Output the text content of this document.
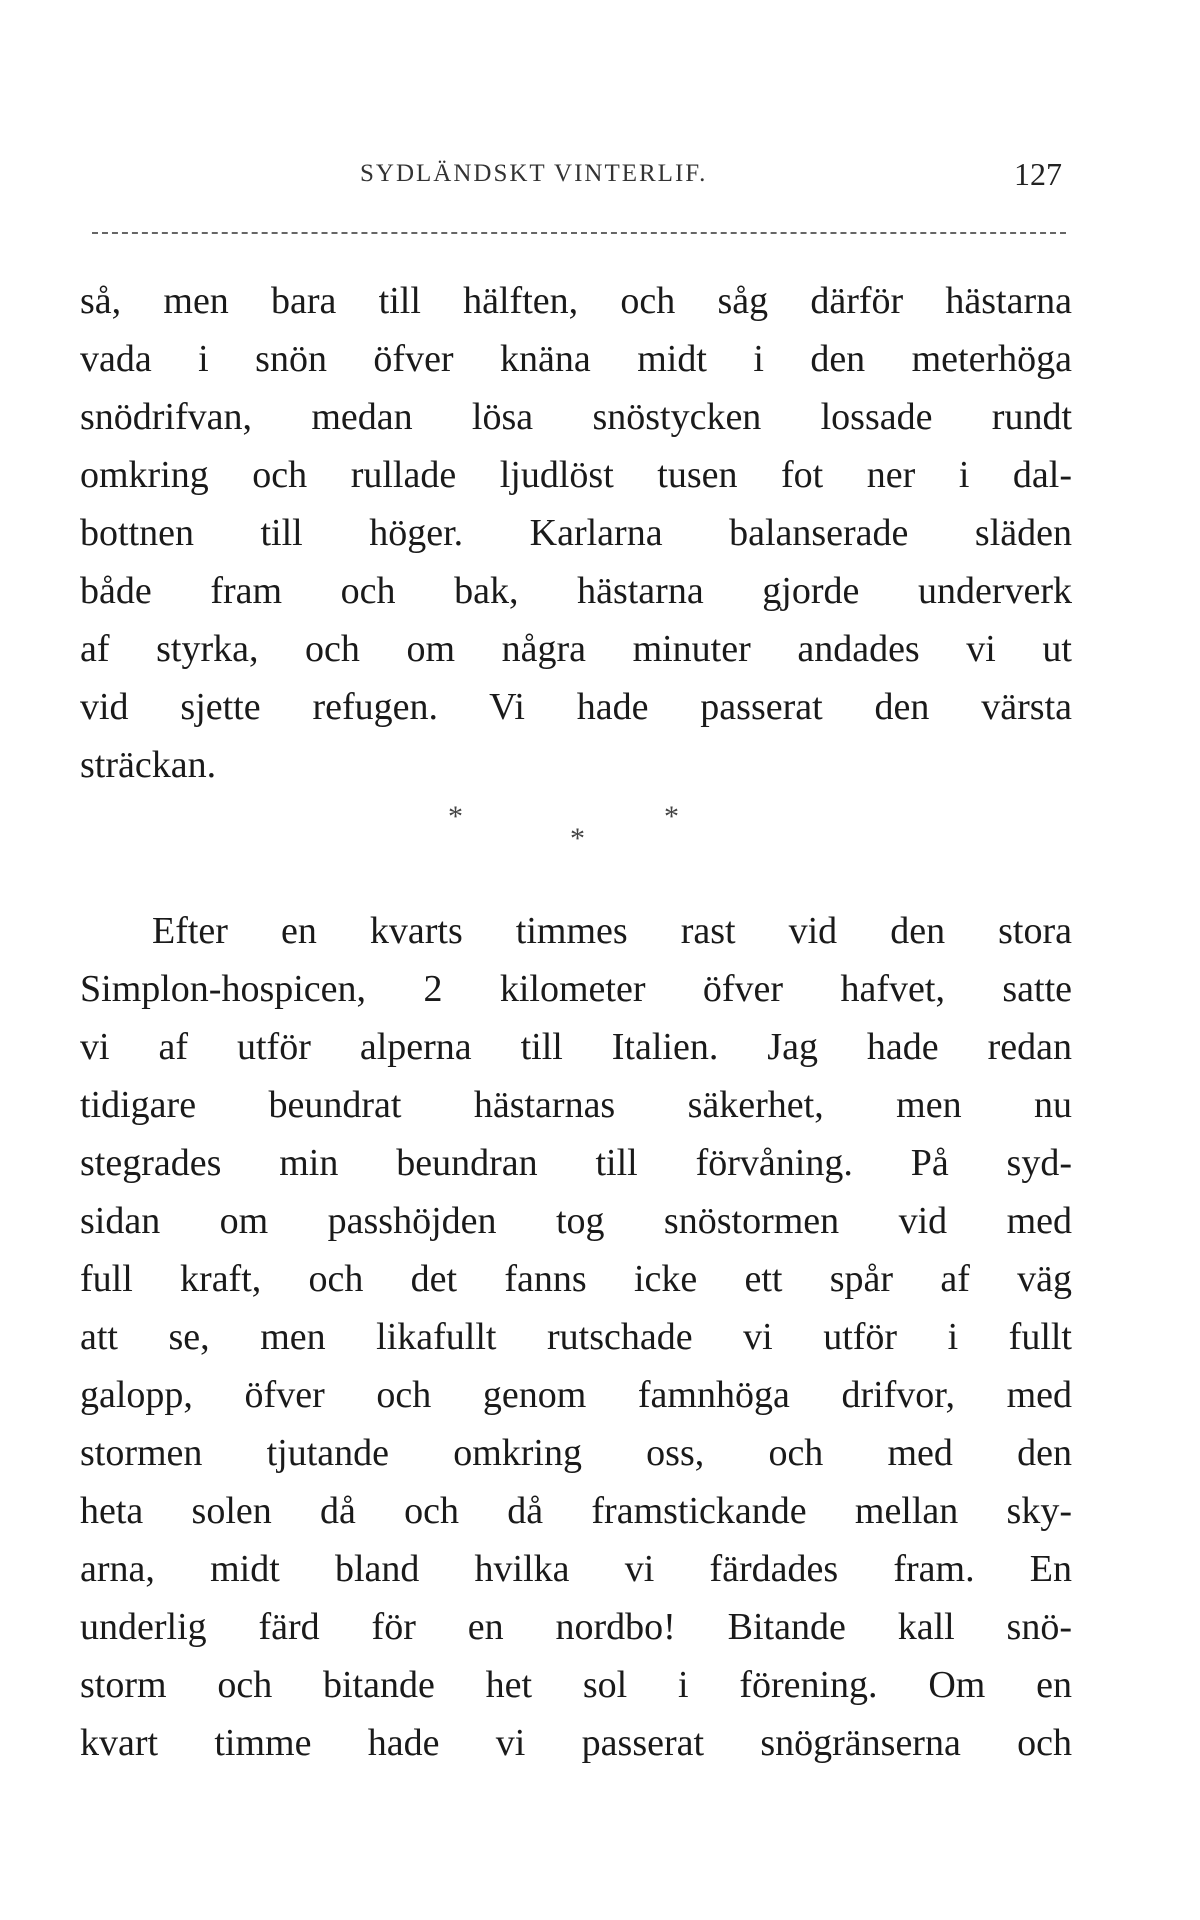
SYDLÄNDSKT VINTERLIF.	127
så, men bara till hälften, och såg därför hästarna
vada i snön öfver knäna midt i den meterhöga
snödrifvan, medan lösa snöstycken lossade rundt
omkring och rullade ljudlöst tusen fot ner i dal-
bottnen till höger. Karlarna balanserade släden
både fram och bak, hästarna gjorde underverk
af styrka, och om några minuter andades vi ut
vid sjette refugen. Vi hade passerat den värsta
sträckan.
*
*
*
Efter en kvarts timmes rast vid den stora
Simplon-hospicen, 2 kilometer öfver hafvet, satte
vi af utför alperna till Italien. Jag hade redan
tidigare beundrat hästarnas säkerhet, men nu
stegrades min beundran till förvåning. På syd-
sidan om passhöjden tog snöstormen vid med
full kraft, och det fanns icke ett spår af väg
att se, men likafullt rutschade vi utför i fullt
galopp, öfver och genom famnhöga drifvor, med
stormen tjutande omkring oss, och med den
heta solen då och då framstickande mellan sky-
arna, midt bland hvilka vi färdades fram. En
underlig färd för en nordbo! Bitande kall snö-
storm och bitande het sol i förening. Om en
kvart timme hade vi passerat snögränserna och
